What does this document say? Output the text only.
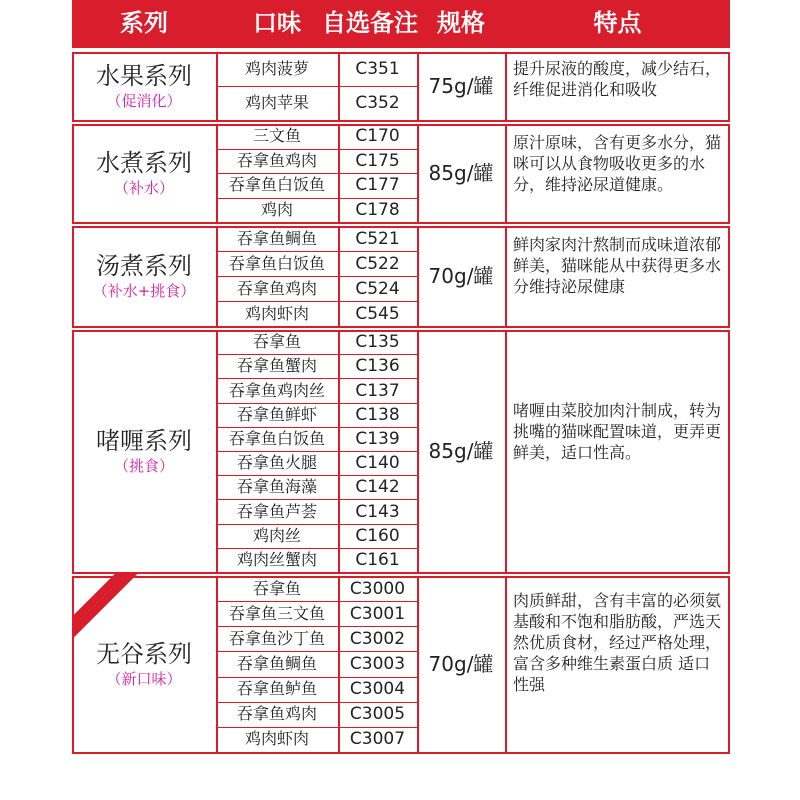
系列	口味 自选备注 规格	特点
水果系列
（促消化）
鸡肉菠萝	C351
鸡肉苹果	C352
75g/罐
提升尿液的酸度，减少结石，纤维促进消化和吸收
水煮系列
（补水）
三文鱼	C170
吞拿鱼鸡肉	C175
吞拿鱼白饭鱼	C177
鸡肉	C178
85g/罐
原汁原味，含有更多水分，猫咪可以从食物吸收更多的水分，维持泌尿道健康。
汤煮系列
（补水+挑食）
吞拿鱼鲷鱼	C521
吞拿鱼白饭鱼	C522
吞拿鱼鸡肉	C524
鸡肉虾肉	C545
70g/罐
鲜肉家肉汁熬制而成味道浓郁鲜美，猫咪能从中获得更多水分维持泌尿健康
啫喱系列
（挑食）
吞拿鱼	C135
吞拿鱼蟹肉	C136
吞拿鱼鸡肉丝	C137
吞拿鱼鲜虾	C138
吞拿鱼白饭鱼	C139
吞拿鱼火腿	C140
吞拿鱼海藻	C142
吞拿鱼芦荟	C143
鸡肉丝	C160
鸡肉丝蟹肉	C161
85g/罐
啫喱由菜胶加肉汁制成，转为挑嘴的猫咪配置味道，更弄更鲜美，适口性高。
无谷系列
（新口味）
吞拿鱼	C3000
吞拿鱼三文鱼	C3001
吞拿鱼沙丁鱼	C3002
吞拿鱼鲷鱼	C3003
吞拿鱼鲈鱼	C3004
吞拿鱼鸡肉	C3005
鸡肉虾肉	C3007
70g/罐
肉质鲜甜，含有丰富的必须氨基酸和不饱和脂肪酸，严选天然优质食材，经过严格处理，富含多种维生素蛋白质 适口性强
